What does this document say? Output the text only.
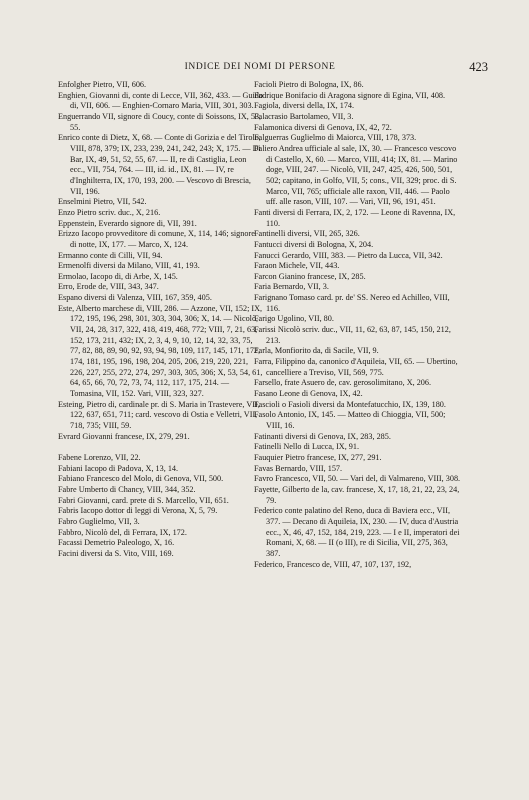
INDICE DEI NOMI DI PERSONE	423

Enfolgher Pietro, VII, 606.

Enghien, Giovanni di, conte di Lecce, VII, 362, 433. — Guido di, VII, 606. — Enghien-Cornaro Maria, VIII, 301, 303.

Enguerrando VII, signore di Coucy, conte di Soissons, IX, 53, 55.

Enrico conte di Dietz, X, 68. — Conte di Gorizia e del Tirolo, VIII, 878, 379; IX, 233, 239, 241, 242, 243; X, 175. — Di Bar, IX, 49, 51, 52, 55, 67. — II, re di Castiglia, Leon ecc., VII, 754, 764. — III, id. id., IX, 81. — IV, re d'Inghilterra, IX, 170, 193, 200. — Vescovo di Brescia, VII, 196.

Enselmini Pietro, VII, 542.

Enzo Pietro scriv. duc., X, 216.

Eppenstein, Everardo signore di, VII, 391.

Erizzo Iacopo provveditore di comune, X, 114, 146; signore di notte, IX, 177. — Marco, X, 124.

Ermanno conte di Cilli, VII, 94.

Ermenolfi diversi da Milano, VIII, 41, 193.

Ermolao, Iacopo di, di Arbe, X, 145.

Erro, Erode de, VIII, 343, 347.

Espano diversi di Valenza, VIII, 167, 359, 405.

Este, Alberto marchese di, VIII, 286. — Azzone, VII, 152; IX, 172, 195, 196, 298, 301, 303, 304, 306; X, 14. — Nicolò, VII, 24, 28, 317, 322, 418, 419, 468, 772; VIII, 7, 21, 63, 152, 173, 211, 432; IX, 2, 3, 4, 9, 10, 12, 14, 32, 33, 75, 77, 82, 88, 89, 90, 92, 93, 94, 98, 109, 117, 145, 171, 172, 174, 181, 195, 196, 198, 204, 205, 206, 219, 220, 221, 226, 227, 255, 272, 274, 297, 303, 305, 306; X, 53, 54, 61, 64, 65, 66, 70, 72, 73, 74, 112, 117, 175, 214. — Tomasina, VII, 152. Vari, VIII, 323, 327.

Esteing, Pietro di, cardinale pr. di S. Maria in Trastevere, VII, 122, 637, 651, 711; card. vescovo di Ostia e Velletri, VII, 718, 735; VIII, 59.

Evrard Giovanni francese, IX, 279, 291.

Fabene Lorenzo, VII, 22.

Fabiani Iacopo di Padova, X, 13, 14.

Fabiano Francesco del Molo, di Genova, VII, 500.

Fabre Umberto di Chancy, VIII, 344, 352.

Fabri Giovanni, card. prete di S. Marcello, VII, 651.

Fabris Iacopo dottor di leggi di Verona, X, 5, 79.

Fabro Guglielmo, VII, 3.

Fabbro, Nicolò del, di Ferrara, IX, 172.

Facassi Demetrio Paleologo, X, 16.

Facini diversi da S. Vito, VIII, 169.

Facioli Pietro di Bologna, IX, 86.

Fadrique Bonifacio di Aragona signore di Egina, VII, 408.

Fagiola, diversi della, IX, 174.

Falacrasio Bartolameo, VII, 3.

Falamonica diversi di Genova, IX, 42, 72.

Falguerras Guglielmo di Maiorca, VIII, 178, 373.

Faliero Andrea ufficiale al sale, IX, 30. — Francesco vescovo di Castello, X, 60. — Marco, VIII, 414; IX, 81. — Marino doge, VIII, 247. — Nicolò, VII, 247, 425, 426, 500, 501, 502; capitano, in Golfo, VII, 5; cons., VII, 329; proc. di S. Marco, VII, 765; ufficiale alle raxon, VII, 446. — Paolo uff. alle rason, VIII, 107. — Vari, VII, 96, 191, 451.

Fanti diversi di Ferrara, IX, 2, 172. — Leone di Ravenna, IX, 110.

Fantinelli diversi, VII, 265, 326.

Fantucci diversi di Bologna, X, 204.

Fanucci Gerardo, VIII, 383. — Pietro da Lucca, VII, 342.

Faraon Michele, VII, 443.

Farcon Gianino francese, IX, 285.

Faria Bernardo, VII, 3.

Farignano Tomaso card. pr. de' SS. Nereo ed Achilleo, VIII, 116.

Farigo Ugolino, VII, 80.

Farissi Nicolò scriv. duc., VII, 11, 62, 63, 87, 145, 150, 212, 213.

Farla, Monfiorito da, di Sacile, VII, 9.

Farra, Filippino da, canonico d'Aquileia, VII, 65. — Ubertino, cancelliere a Treviso, VII, 569, 775.

Farsello, frate Asuero de, cav. gerosolimitano, X, 206.

Fasano Leone di Genova, IX, 42.

Fascioli o Fasioli diversi da Montefatucchio, IX, 139, 180.

Fasolo Antonio, IX, 145. — Matteo di Chioggia, VII, 500; VIII, 16.

Fatinanti diversi di Genova, IX, 283, 285.

Fatinelli Nello di Lucca, IX, 91.

Fauquier Pietro francese, IX, 277, 291.

Favas Bernardo, VIII, 157.

Favro Francesco, VII, 50. — Vari del, di Valmareno, VIII, 308.

Fayette, Gilberto de la, cav. francese, X, 17, 18, 21, 22, 23, 24, 79.

Federico conte palatino del Reno, duca di Baviera ecc., VII, 377. — Decano di Aquileia, IX, 230. — IV, duca d'Austria ecc., X, 46, 47, 152, 184, 219, 223. — I e II, imperatori dei Romani, X, 68. — II (o III), re di Sicilia, VII, 275, 363, 387.

Federico, Francesco de, VIII, 47, 107, 137, 192,
